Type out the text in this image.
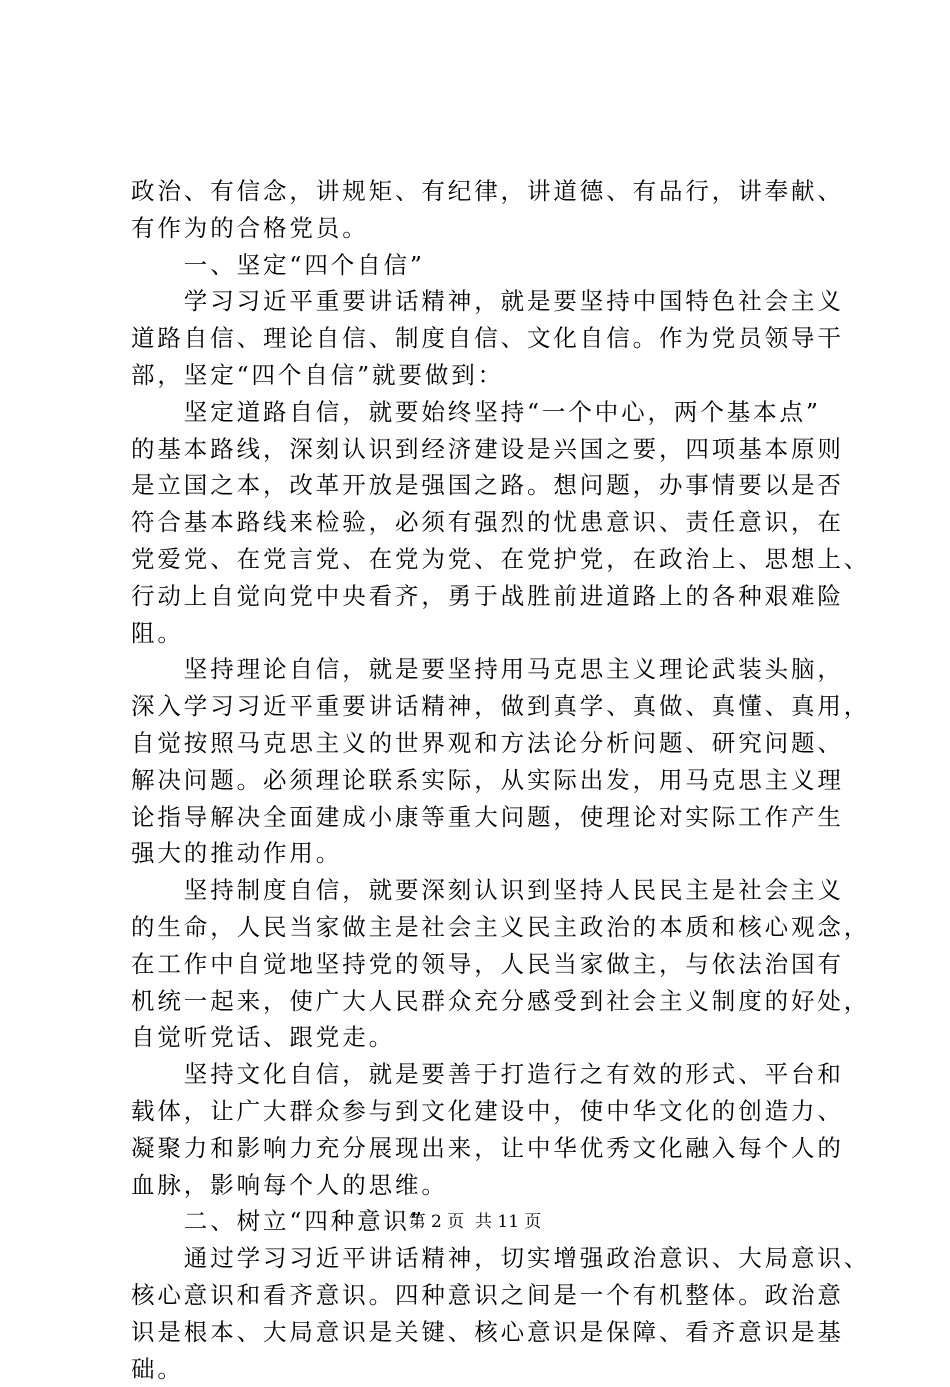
政治、有信念，讲规矩、有纪律，讲道德、有品行，讲奉献、
有作为的合格党员。
　　一、坚定“四个自信”
　　学习习近平重要讲话精神，就是要坚持中国特色社会主义
道路自信、理论自信、制度自信、文化自信。作为党员领导干
部，坚定“四个自信”就要做到：
　　坚定道路自信，就要始终坚持“一个中心，两个基本点”
的基本路线，深刻认识到经济建设是兴国之要，四项基本原则
是立国之本，改革开放是强国之路。想问题，办事情要以是否
符合基本路线来检验，必须有强烈的忧患意识、责任意识，在
党爱党、在党言党、在党为党、在党护党，在政治上、思想上、
行动上自觉向党中央看齐，勇于战胜前进道路上的各种艰难险
阻。
　　坚持理论自信，就是要坚持用马克思主义理论武装头脑，
深入学习习近平重要讲话精神，做到真学、真做、真懂、真用，
自觉按照马克思主义的世界观和方法论分析问题、研究问题、
解决问题。必须理论联系实际，从实际出发，用马克思主义理
论指导解决全面建成小康等重大问题，使理论对实际工作产生
强大的推动作用。
　　坚持制度自信，就要深刻认识到坚持人民民主是社会主义
的生命，人民当家做主是社会主义民主政治的本质和核心观念，
在工作中自觉地坚持党的领导，人民当家做主，与依法治国有
机统一起来，使广大人民群众充分感受到社会主义制度的好处，
自觉听党话、跟党走。
　　坚持文化自信，就是要善于打造行之有效的形式、平台和
载体，让广大群众参与到文化建设中，使中华文化的创造力、
凝聚力和影响力充分展现出来，让中华优秀文化融入每个人的
血脉，影响每个人的思维。
　　二、树立“四种意识”
　　通过学习习近平讲话精神，切实增强政治意识、大局意识、
核心意识和看齐意识。四种意识之间是一个有机整体。政治意
识是根本、大局意识是关键、核心意识是保障、看齐意识是基
础。
第 2 页  共 11 页
